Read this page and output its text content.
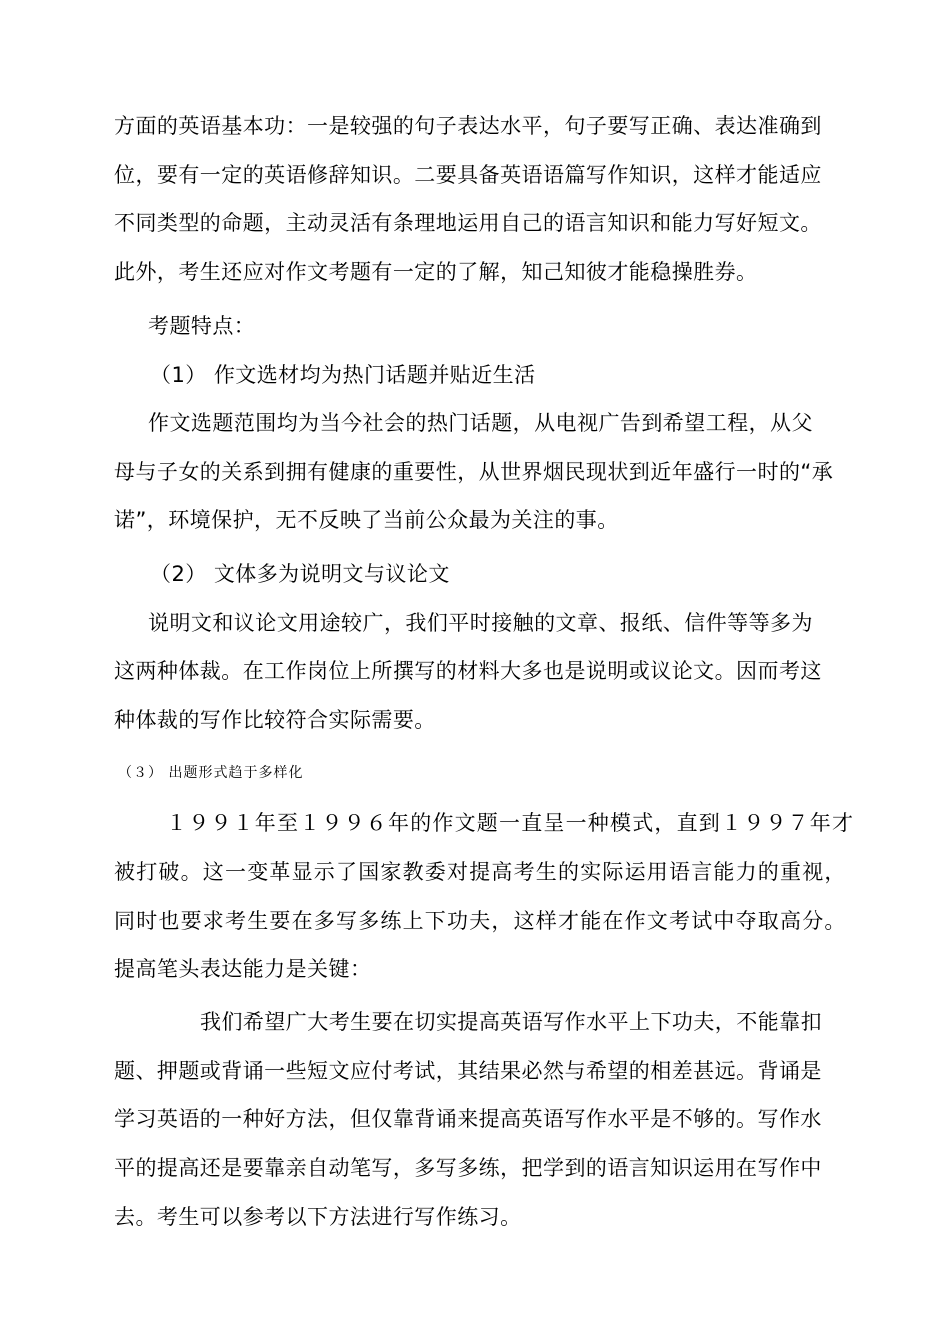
方面的英语基本功：一是较强的句子表达水平，句子要写正确、表达准确到
位，要有一定的英语修辞知识。二要具备英语语篇写作知识，这样才能适应
不同类型的命题，主动灵活有条理地运用自己的语言知识和能力写好短文。
此外，考生还应对作文考题有一定的了解，知己知彼才能稳操胜券。
考题特点：
（1） 作文选材均为热门话题并贴近生活
作文选题范围均为当今社会的热门话题，从电视广告到希望工程，从父
母与子女的关系到拥有健康的重要性，从世界烟民现状到近年盛行一时的“承
诺”，环境保护，无不反映了当前公众最为关注的事。
（2） 文体多为说明文与议论文
说明文和议论文用途较广，我们平时接触的文章、报纸、信件等等多为
这两种体裁。在工作岗位上所撰写的材料大多也是说明或议论文。因而考这
种体裁的写作比较符合实际需要。
（３） 出题形式趋于多样化
１９９１年至１９９６年的作文题一直呈一种模式，直到１９９７年才
被打破。这一变革显示了国家教委对提高考生的实际运用语言能力的重视，
同时也要求考生要在多写多练上下功夫，这样才能在作文考试中夺取高分。
提高笔头表达能力是关键：
我们希望广大考生要在切实提高英语写作水平上下功夫，不能靠扣
题、押题或背诵一些短文应付考试，其结果必然与希望的相差甚远。背诵是
学习英语的一种好方法，但仅靠背诵来提高英语写作水平是不够的。写作水
平的提高还是要靠亲自动笔写，多写多练，把学到的语言知识运用在写作中
去。考生可以参考以下方法进行写作练习。
